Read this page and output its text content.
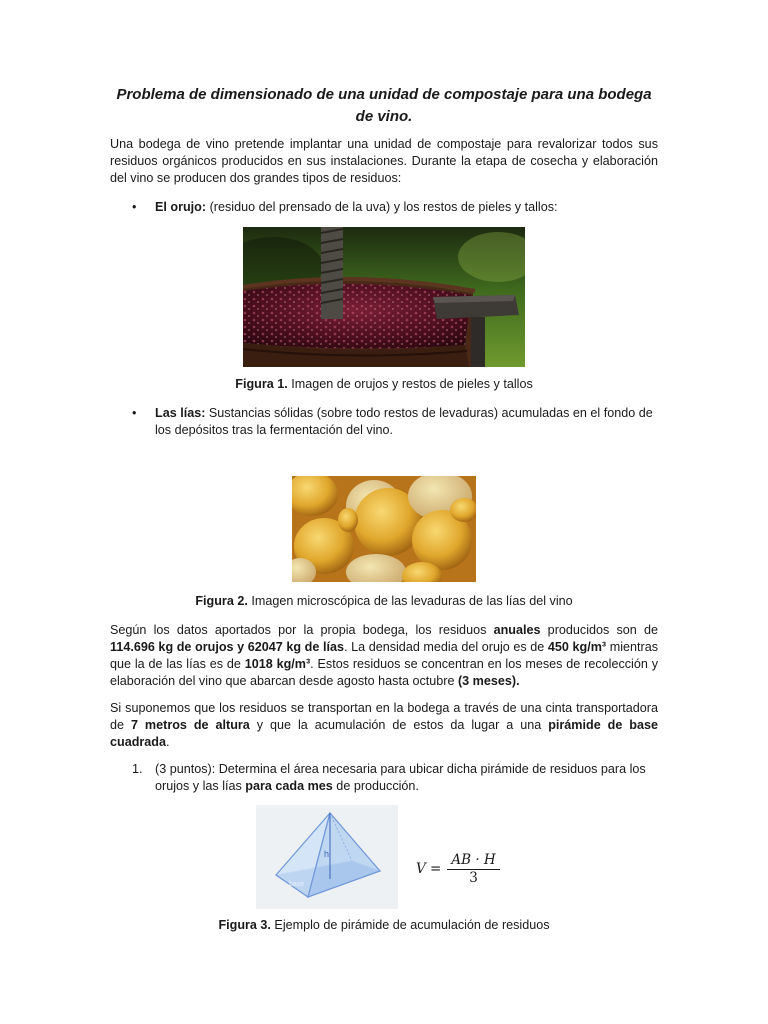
Problema de dimensionado de una unidad de compostaje para una bodega de vino.

Una bodega de vino pretende implantar una unidad de compostaje para revalorizar todos sus residuos orgánicos producidos en sus instalaciones. Durante la etapa de cosecha y elaboración del vino se producen dos grandes tipos de residuos:

• El orujo: (residuo del prensado de la uva) y los restos de pieles y tallos:

Figura 1. Imagen de orujos y restos de pieles y tallos

• Las lías: Sustancias sólidas (sobre todo restos de levaduras) acumuladas en el fondo de los depósitos tras la fermentación del vino.

Figura 2. Imagen microscópica de las levaduras de las lías del vino

Según los datos aportados por la propia bodega, los residuos anuales producidos son de 114.696 kg de orujos y 62047 kg de lías. La densidad media del orujo es de 450 kg/m³ mientras que la de las lías es de 1018 kg/m³. Estos residuos se concentran en los meses de recolección y elaboración del vino que abarcan desde agosto hasta octubre (3 meses).

Si suponemos que los residuos se transportan en la bodega a través de una cinta transportadora de 7 metros de altura y que la acumulación de estos da lugar a una pirámide de base cuadrada.

1. (3 puntos): Determina el área necesaria para ubicar dicha pirámide de residuos para los orujos y las lías para cada mes de producción.
h
base
$V = \frac{AB \cdot H}{3}$

Figura 3. Ejemplo de pirámide de acumulación de residuos
